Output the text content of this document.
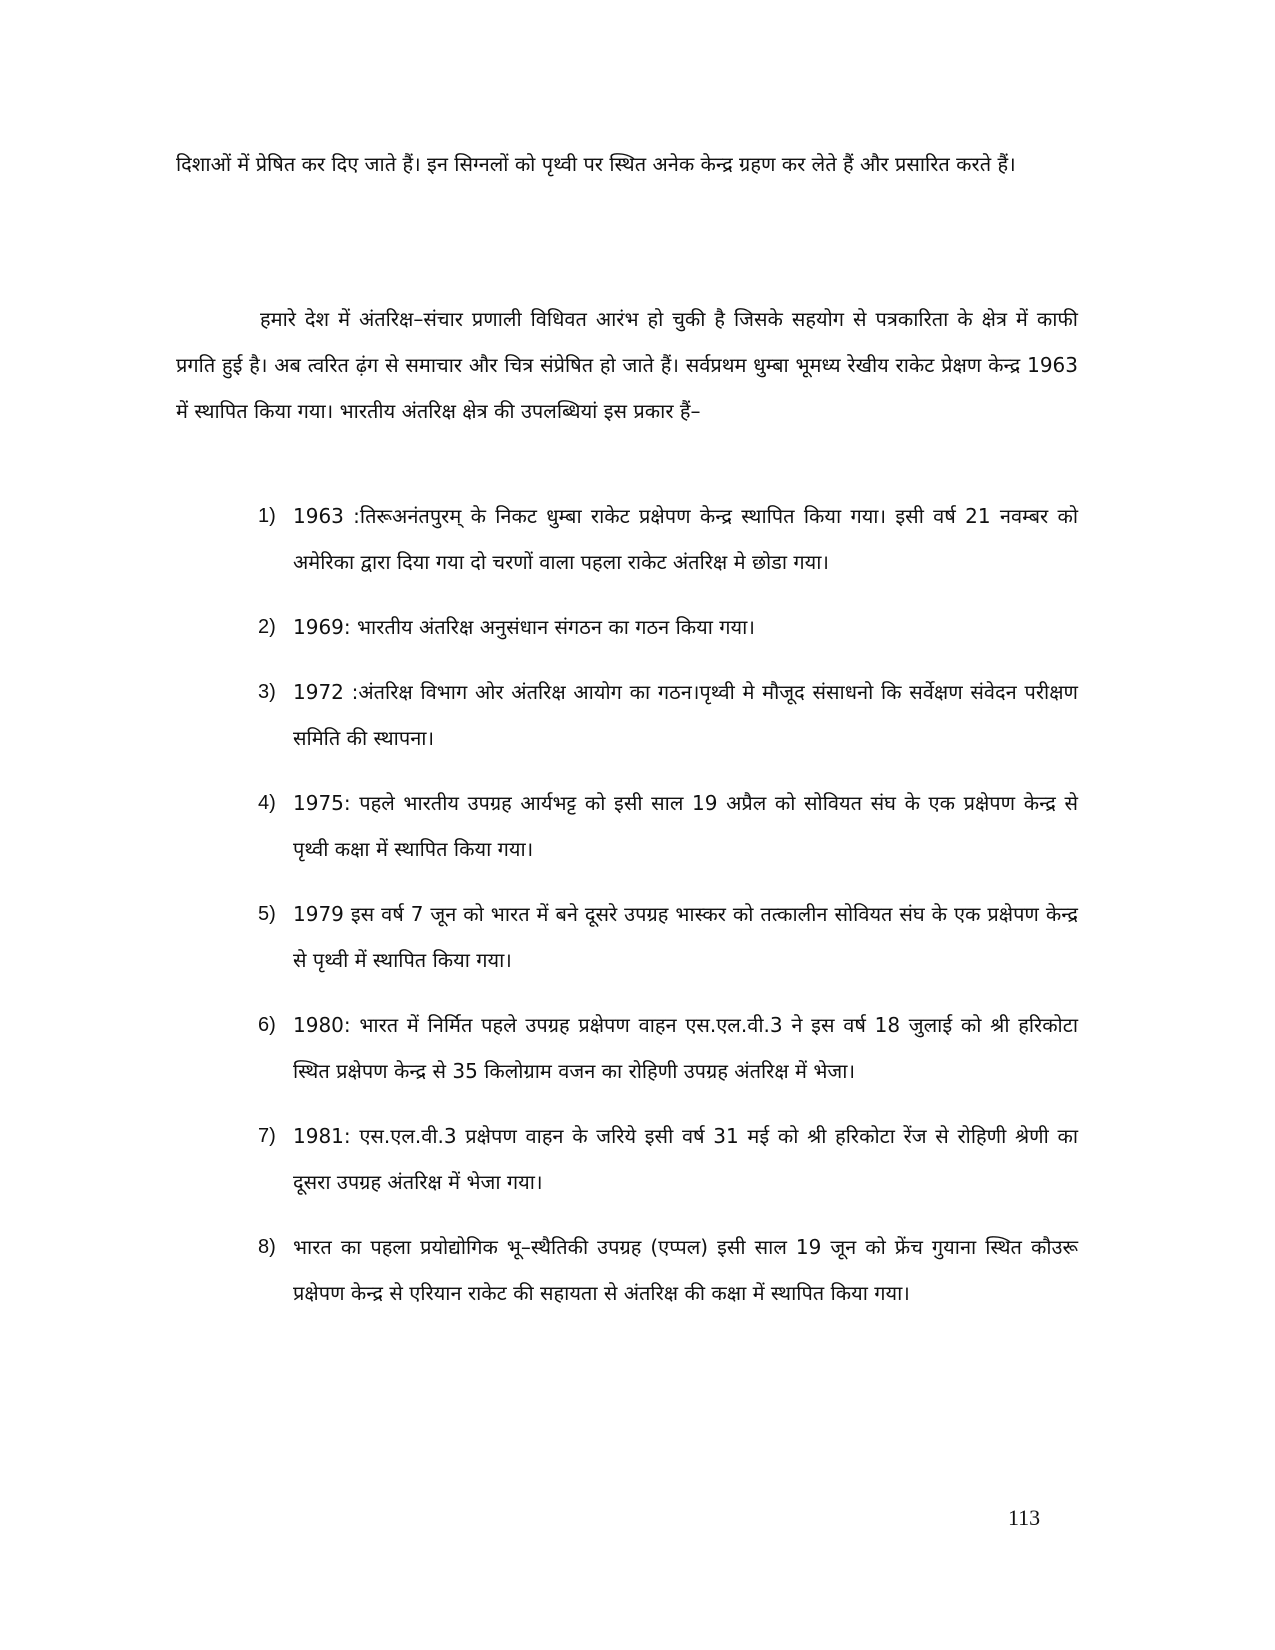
दिशाओं में प्रेषित कर दिए जाते हैं। इन सिग्नलों को पृथ्वी पर स्थित अनेक केन्द्र ग्रहण कर लेते हैं और प्रसारित करते हैं।

हमारे देश में अंतरिक्ष–संचार प्रणाली विधिवत आरंभ हो चुकी है जिसके सहयोग से पत्रकारिता के क्षेत्र में काफी प्रगति हुई है। अब त्वरित ढ़ंग से समाचार और चित्र संप्रेषित हो जाते हैं। सर्वप्रथम धुम्बा भूमध्य रेखीय राकेट प्रेक्षण केन्द्र 1963 में स्थापित किया गया। भारतीय अंतरिक्ष क्षेत्र की उपलब्धियां इस प्रकार हैं–

1) 1963 :तिरूअनंतपुरम् के निकट धुम्बा राकेट प्रक्षेपण केन्द्र स्थापित किया गया। इसी वर्ष 21 नवम्बर को अमेरिका द्वारा दिया गया दो चरणों वाला पहला राकेट अंतरिक्ष मे छोडा गया।
2) 1969: भारतीय अंतरिक्ष अनुसंधान संगठन का गठन किया गया।
3) 1972 :अंतरिक्ष विभाग ओर अंतरिक्ष आयोग का गठन।पृथ्वी मे मौजूद संसाधनो कि सर्वेक्षण संवेदन परीक्षण समिति की स्थापना।
4) 1975: पहले भारतीय उपग्रह आर्यभट्ट को इसी साल 19 अप्रैल को सोवियत संघ के एक प्रक्षेपण केन्द्र से पृथ्वी कक्षा में स्थापित किया गया।
5) 1979 इस वर्ष 7 जून को भारत में बने दूसरे उपग्रह भास्कर को तत्कालीन सोवियत संघ के एक प्रक्षेपण केन्द्र से पृथ्वी में स्थापित किया गया।
6) 1980: भारत में निर्मित पहले उपग्रह प्रक्षेपण वाहन एस.एल.वी.3 ने इस वर्ष 18 जुलाई को श्री हरिकोटा स्थित प्रक्षेपण केन्द्र से 35 किलोग्राम वजन का रोहिणी उपग्रह अंतरिक्ष में भेजा।
7) 1981: एस.एल.वी.3 प्रक्षेपण वाहन के जरिये इसी वर्ष 31 मई को श्री हरिकोटा रेंज से रोहिणी श्रेणी का दूसरा उपग्रह अंतरिक्ष में भेजा गया।
8) भारत का पहला प्रयोद्योगिक भू–स्थैतिकी उपग्रह (एप्पल) इसी साल 19 जून को फ्रेंच गुयाना स्थित कौउरू प्रक्षेपण केन्द्र से एरियान राकेट की सहायता से अंतरिक्ष की कक्षा में स्थापित किया गया।
113
